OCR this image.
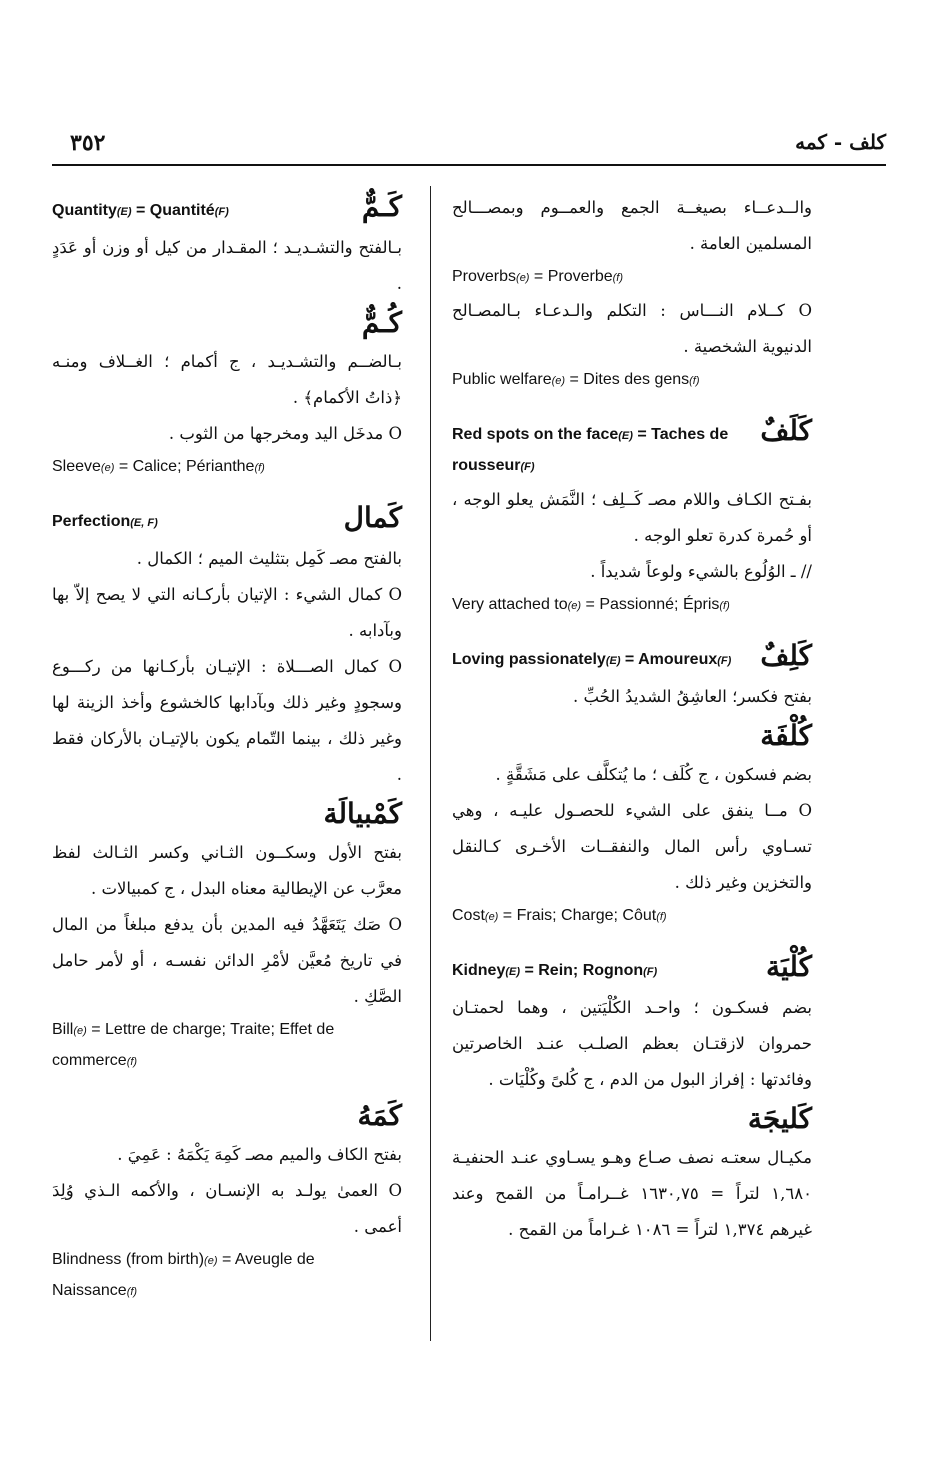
٣٥٢	كلف - كمه

والــدعــاء بصيغــة الجمع والعمــوم وبمصـــالح المسلمين العامة .

Proverbs(e) = Proverbe(f)

O كــلام النـــاس : التكلم والـدعـاء بـالمصـالح الدنيوية الشخصية .

Public welfare(e) = Dites des gens(f)

كَلَفٌ

Red spots on the face(E) = Taches de rousseur(F)

بفـتح الكـاف واللام مصـ كَــلِف ؛ النَّمَش يعلو الوجه ، أو حُمرة كدرة تعلو الوجه .

// ـ الوُلُوع بالشيء ولوعاً شديداً .

Very attached to(e) = Passionné; Épris(f)

كَلِفٌ

Loving passionately(E) = Amoureux(F)

بفتح فكسر؛ العاشِقُ الشديدُ الحُبِّ .

كُلْفَة

بضم فسكون ، ج كُلَف ؛ ما يُتكلَّف على مَشَقَّةٍ .

O مــا ينفق على الشيء للحصـول عليـه ، وهي تسـاوي رأس المال والنفقــات الأخـرى كـالنقل والتخزين وغير ذلك .

Cost(e) = Frais; Charge; Côut(f)

كُلْيَة

Kidney(E) = Rein; Rognon(F)

بضم فسكـون ؛ واحـد الكُلْيَتين ، وهما لحمتـان حمروان لازقتـان بعظم الصلـب عنـد الخاصرتين وفائدتها : إفراز البول من الدم ، ج كُلىً وكُلْيَات .

كَليجَة

مكيـال سعتـه نصف صـاع وهـو يسـاوي عنـد الحنفيـة ١,٦٨٠ لتراً = ١٦٣٠,٧٥ غــرامـاً من القمح وعند غيرهم ١,٣٧٤ لتراً = ١٠٨٦ غـراماً من القمح .

كَـمٌّ

Quantity(E) = Quantité(F)

بـالفتح والتشـديـد ؛ المقـدار من كيل أو وزن أو عَدَدٍ .

كُـمٌّ

بـالضــم والتشـديـد ، ج أكمام ؛ الغــلاف ومنـه ﴿ذاتُ الأكمام﴾ .

O مدخَل اليد ومخرجها من الثوب .

Sleeve(e) = Calice; Périanthe(f)

كَمال

Perfection(E, F)

بالفتح مصـ كَمِل بتثليث الميم ؛ الكمال .

O كمال الشيء : الإتيان بأركـانه التي لا يصح إلاّ بها وبآدابه .

O كمال الصـــلاة : الإتيـان بأركـانها من ركـــوع وسجودٍ وغير ذلك وبآدابها كالخشوع وأخذ الزينة لها وغير ذلك ، بينما التّمام يكون بالإتيـان بالأركان فقط .

كَمْبيالَة

بفتح الأول وسكــون الثـاني وكسر الثـالث لفظ معرَّب عن الإيطالية معناه البدل ، ج كمبيالات .

O صَك يَتَعَهَّدُ فيه المدين بأن يدفع مبلغاً من المال في تاريخ مُعيَّن لأمْرِ الدائن نفسـه ، أو لأمر حامل الصَّكِ .

Bill(e) = Lettre de charge; Traite; Effet de commerce(f)

كَمَهُ

بفتح الكاف والميم مصـ كَمِهَ يَكْمَهُ : عَمِيَ .

O العمىٰ يولـد به الإنسـان ، والأكمه الـذي وُلِدَ أعمى .

Blindness (from birth)(e) = Aveugle de Naissance(f)
